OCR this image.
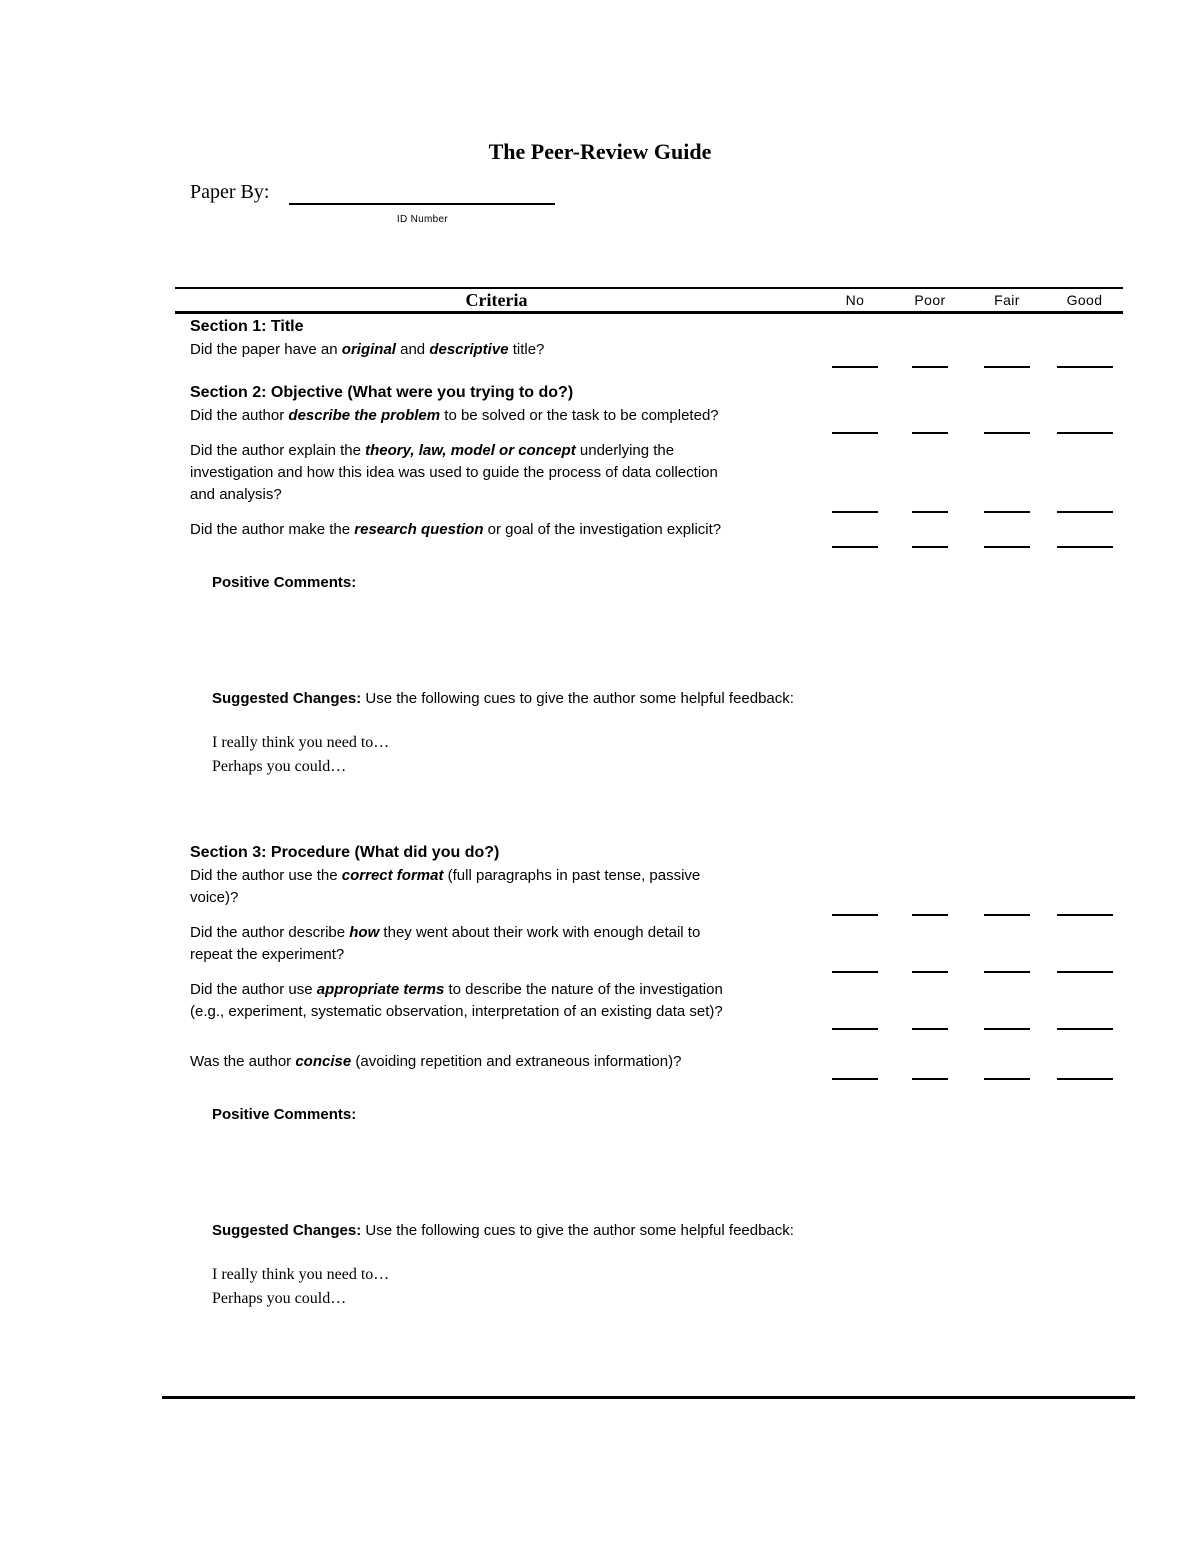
The Peer-Review Guide
Paper By:
ID Number
Criteria	No	Poor	Fair	Good
Section 1: Title
Did the paper have an original and descriptive title?
Section 2: Objective (What were you trying to do?)
Did the author describe the problem to be solved or the task to be completed?
Did the author explain the theory, law, model or concept underlying the
investigation and how this idea was used to guide the process of data collection
and analysis?
Did the author make the research question or goal of the investigation explicit?
Positive Comments:
Suggested Changes: Use the following cues to give the author some helpful feedback:
I really think you need to…
Perhaps you could…
Section 3: Procedure (What did you do?)
Did the author use the correct format (full paragraphs in past tense, passive
voice)?
Did the author describe how they went about their work with enough detail to
repeat the experiment?
Did the author use appropriate terms to describe the nature of the investigation
(e.g., experiment, systematic observation, interpretation of an existing data set)?
Was the author concise (avoiding repetition and extraneous information)?
Positive Comments:
Suggested Changes: Use the following cues to give the author some helpful feedback:
I really think you need to…
Perhaps you could…
